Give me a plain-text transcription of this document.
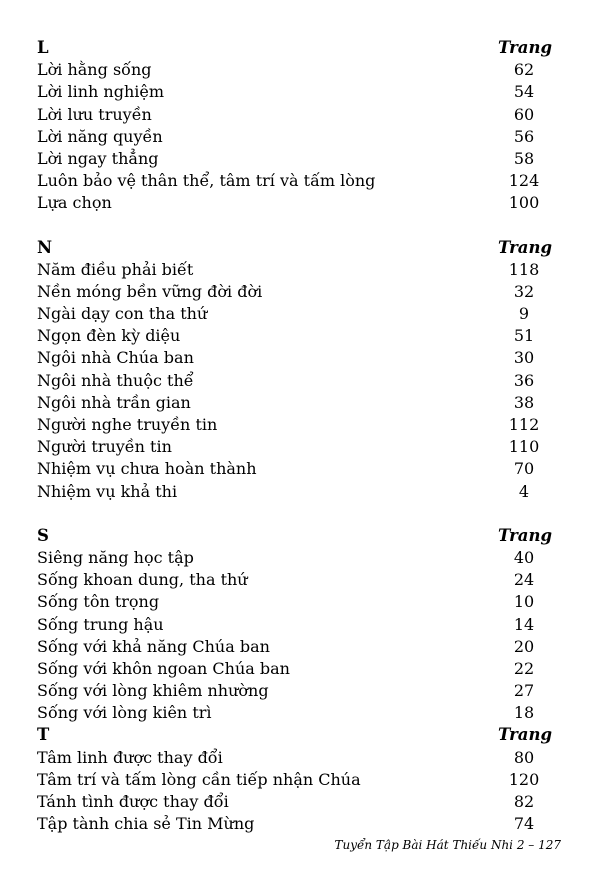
L	Trang
Lời hằng sống	62
Lời linh nghiệm	54
Lời lưu truyền	60
Lời năng quyền	56
Lời ngay thẳng	58
Luôn bảo vệ thân thể, tâm trí và tấm lòng	124
Lựa chọn	100
N	Trang
Năm điều phải biết	118
Nền móng bền vững đời đời	32
Ngài dạy con tha thứ	9
Ngọn đèn kỳ diệu	51
Ngôi nhà Chúa ban	30
Ngôi nhà thuộc thể	36
Ngôi nhà trần gian	38
Người nghe truyền tin	112
Người truyền tin	110
Nhiệm vụ chưa hoàn thành	70
Nhiệm vụ khả thi	4
S	Trang
Siêng năng học tập	40
Sống khoan dung, tha thứ	24
Sống tôn trọng	10
Sống trung hậu	14
Sống với khả năng Chúa ban	20
Sống với khôn ngoan Chúa ban	22
Sống với lòng khiêm nhường	27
Sống với lòng kiên trì	18
T	Trang
Tâm linh được thay đổi	80
Tâm trí và tấm lòng cần tiếp nhận Chúa	120
Tánh tình được thay đổi	82
Tập tành chia sẻ Tin Mừng	74
Tuyển Tập Bài Hát Thiếu Nhi 2 – 127
